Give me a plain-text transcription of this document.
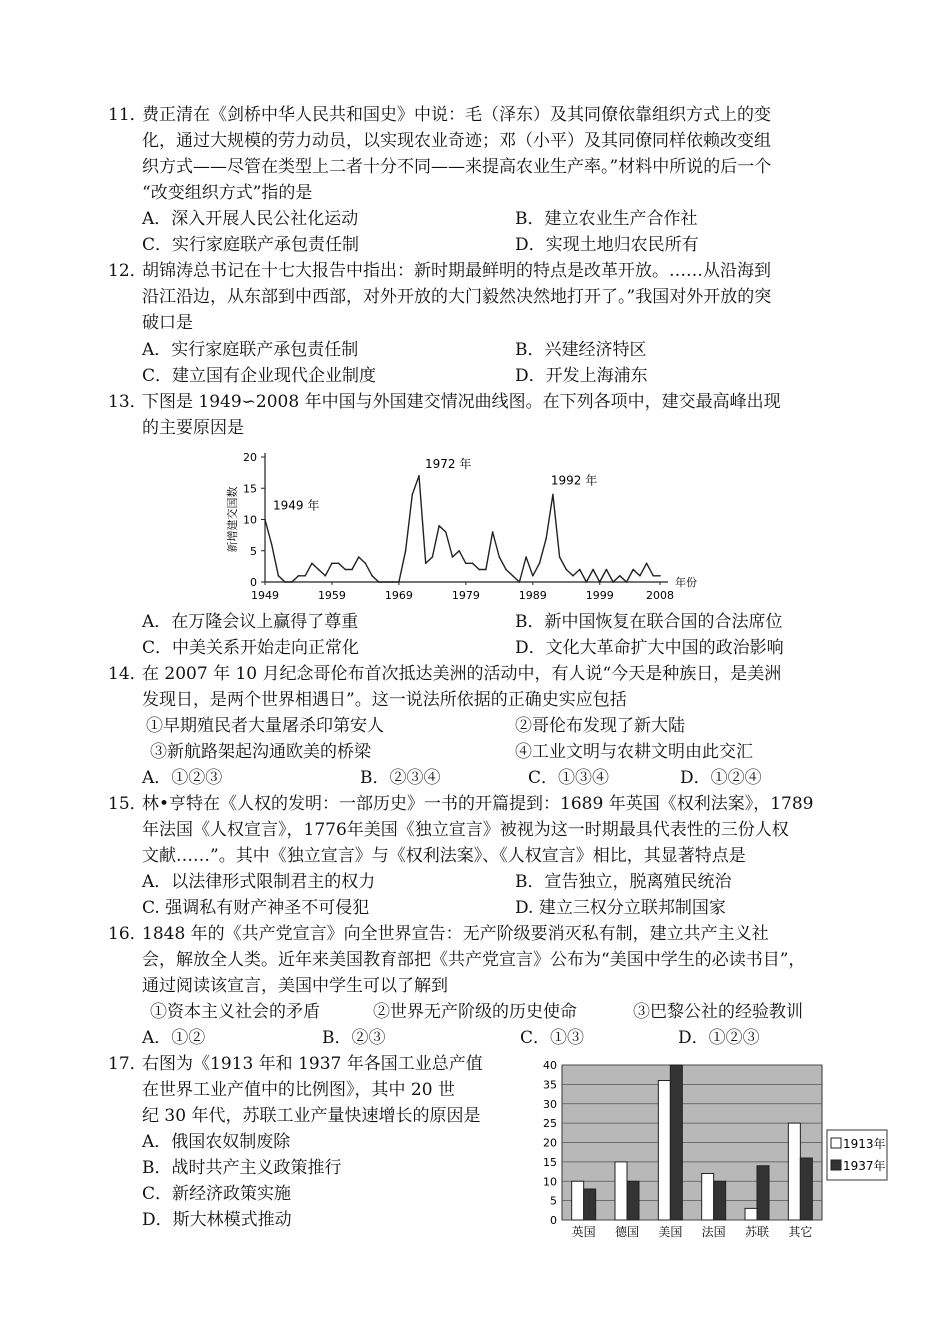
11．
费正清在《剑桥中华人民共和国史》中说：毛（泽东）及其同僚依靠组织方式上的变
化，通过大规模的劳力动员，以实现农业奇迹；邓（小平）及其同僚同样依赖改变组
织方式——尽管在类型上二者十分不同——来提高农业生产率。”材料中所说的后一个
“改变组织方式”指的是
A．深入开展人民公社化运动	B．建立农业生产合作社
C．实行家庭联产承包责任制	D．实现土地归农民所有
12．
胡锦涛总书记在十七大报告中指出：新时期最鲜明的特点是改革开放。……从沿海到
沿江沿边，从东部到中西部，对外开放的大门毅然决然地打开了。”我国对外开放的突
破口是
A．实行家庭联产承包责任制	B．兴建经济特区
C．建立国有企业现代企业制度	D．开发上海浦东
13．
下图是 1949∽2008 年中国与外国建交情况曲线图。在下列各项中，建交最高峰出现
的主要原因是
0
5
10
15
20
1949	1959	1969	1979	1989	1999	2008
年份
新增建交国数	1949 年
1972 年
1992 年
A．在万隆会议上赢得了尊重	B．新中国恢复在联合国的合法席位
C．中美关系开始走向正常化	D．文化大革命扩大中国的政治影响
14．
在 2007 年 10 月纪念哥伦布首次抵达美洲的活动中，有人说“今天是种族日，是美洲
发现日，是两个世界相遇日”。这一说法所依据的正确史实应包括
①早期殖民者大量屠杀印第安人	②哥伦布发现了新大陆
③新航路架起沟通欧美的桥梁	④工业文明与农耕文明由此交汇
A．①②③	B．②③④	C．①③④	D．①②④
15．
林•亨特在《人权的发明：一部历史》一书的开篇提到：1689 年英国《权利法案》，1789
年法国《人权宣言》，1776年美国《独立宣言》被视为这一时期最具代表性的三份人权
文献……”。其中《独立宣言》与《权利法案》、《人权宣言》相比，其显著特点是
A．以法律形式限制君主的权力	B．宣告独立，脱离殖民统治
C. 强调私有财产神圣不可侵犯	D. 建立三权分立联邦制国家
16．
1848 年的《共产党宣言》向全世界宣告：无产阶级要消灭私有制，建立共产主义社
会，解放全人类。近年来美国教育部把《共产党宣言》公布为“美国中学生的必读书目”，
通过阅读该宣言，美国中学生可以了解到
①资本主义社会的矛盾	②世界无产阶级的历史使命	③巴黎公社的经验教训
A．①②	B．②③	C．①③	D．①②③
17．
右图为《1913 年和 1937 年各国工业总产值
在世界工业产值中的比例图》，其中 20 世
纪 30 年代，苏联工业产量快速增长的原因是
A．俄国农奴制废除
B．战时共产主义政策推行
C．新经济政策实施
D．斯大林模式推动	0
5
10
15
20
25
30
35
40
英国 德国 美国 法国 苏联 其它
1913年
1937年
